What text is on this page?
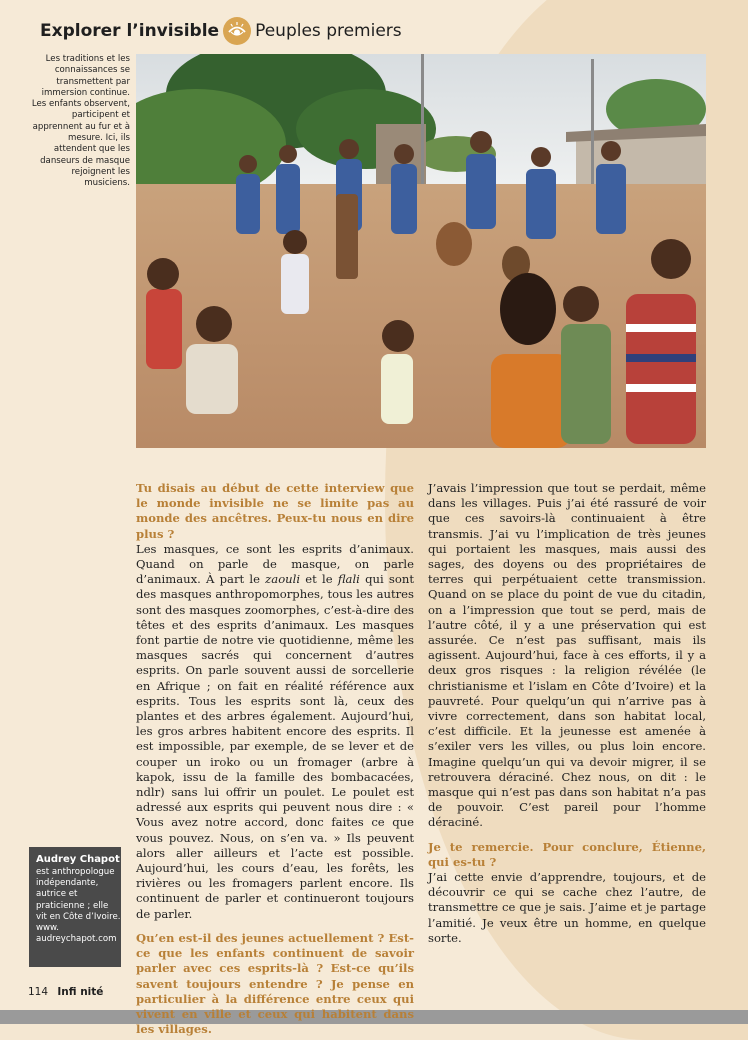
Explorer l’invisible Peuples premiers
Les traditions et les connaissances se transmettent par immersion continue. Les enfants observent, participent et apprennent au fur et à mesure. Ici, ils attendent que les danseurs de masque rejoignent les musiciens.

Tu disais au début de cette interview que le monde invisible ne se limite pas au monde des ancêtres. Peux-tu nous en dire plus ?

Les masques, ce sont les esprits d’animaux. Quand on parle de masque, on parle d’animaux. À part le zaouli et le flali qui sont des masques anthropomorphes, tous les autres sont des masques zoomorphes, c’est-à-dire des têtes et des esprits d’animaux. Les masques font partie de notre vie quotidienne, même les masques sacrés qui concernent d’autres esprits. On parle souvent aussi de sorcellerie en Afrique ; on fait en réalité référence aux esprits. Tous les esprits sont là, ceux des plantes et des arbres également. Aujourd’hui, les gros arbres habitent encore des esprits. Il est impossible, par exemple, de se lever et de couper un iroko ou un fromager (arbre à kapok, issu de la famille des bombacacées, ndlr) sans lui offrir un poulet. Le poulet est adressé aux esprits qui peuvent nous dire : « Vous avez notre accord, donc faites ce que vous pouvez. Nous, on s’en va. » Ils peuvent alors aller ailleurs et l’acte est possible. Aujourd’hui, les cours d’eau, les forêts, les rivières ou les fromagers parlent encore. Ils continuent de parler et continueront toujours de parler.

Qu’en est-il des jeunes actuellement ? Est-ce que les enfants continuent de savoir parler avec ces esprits-là ? Est-ce qu’ils savent toujours entendre ? Je pense en particulier à la différence entre ceux qui vivent en ville et ceux qui habitent dans les villages.

J’avais l’impression que tout se perdait, même dans les villages. Puis j’ai été rassuré de voir que ces savoirs-là continuaient à être transmis. J’ai vu l’implication de très jeunes qui portaient les masques, mais aussi des sages, des doyens ou des propriétaires de terres qui perpétuaient cette transmission. Quand on se place du point de vue du citadin, on a l’impression que tout se perd, mais de l’autre côté, il y a une préservation qui est assurée. Ce n’est pas suffisant, mais ils agissent. Aujourd’hui, face à ces efforts, il y a deux gros risques : la religion révélée (le christianisme et l’islam en Côte d’Ivoire) et la pauvreté. Pour quelqu’un qui n’arrive pas à vivre correctement, dans son habitat local, c’est difficile. Et la jeunesse est amenée à s’exiler vers les villes, ou plus loin encore. Imagine quelqu’un qui va devoir migrer, il se retrouvera déraciné. Chez nous, on dit : le masque qui n’est pas dans son habitat n’a pas de pouvoir. C’est pareil pour l’homme déraciné.

Je te remercie. Pour conclure, Étienne, qui es-tu ?

J’ai cette envie d’apprendre, toujours, et de découvrir ce qui se cache chez l’autre, de transmettre ce que je sais. J’aime et je partage l’amitié. Je veux être un homme, en quelque sorte.

Audrey Chapot
est anthropologue indépendante, autrice et praticienne ; elle vit en Côte d’Ivoire. www. audreychapot.com
114 Infi nité
